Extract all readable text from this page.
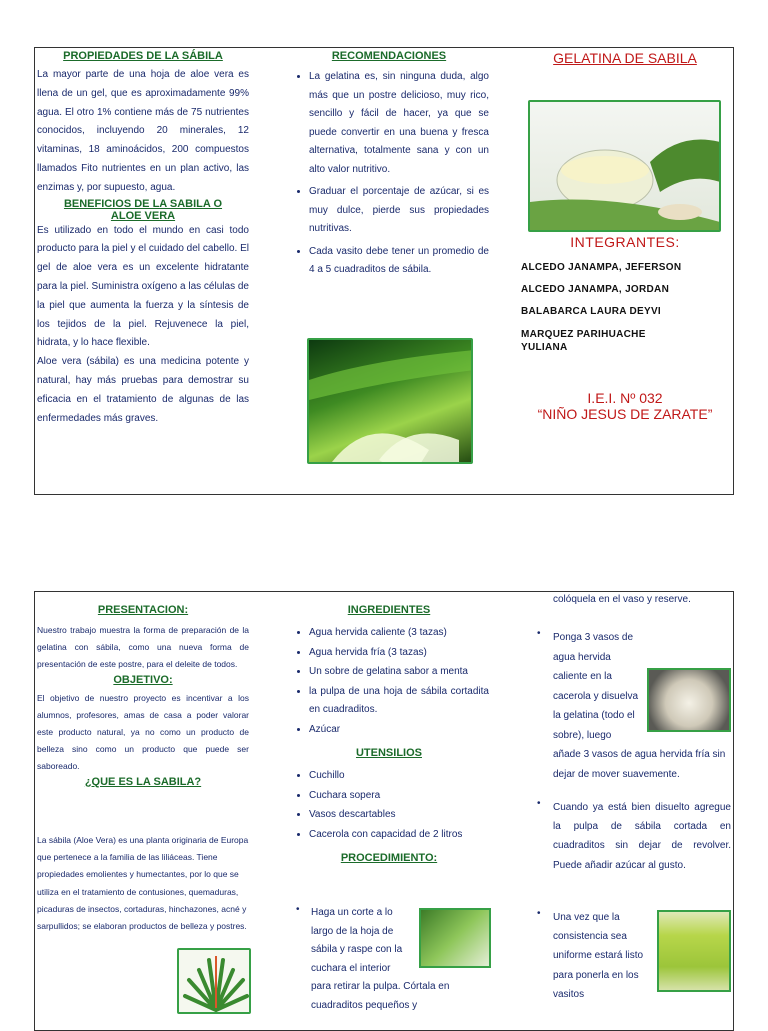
PROPIEDADES DE LA SÁBILA
La mayor parte de una hoja de aloe vera es llena de un gel, que es aproximadamente 99% agua. El otro 1% contiene más de 75 nutrientes conocidos, incluyendo 20 minerales, 12 vitaminas, 18 aminoácidos, 200 compuestos llamados Fito nutrientes en un plan activo, las enzimas y, por supuesto, agua.
BENEFICIOS DE LA SABILA O ALOE VERA
Es utilizado en todo el mundo en casi todo producto para la piel y el cuidado del cabello. El gel de aloe vera es un excelente hidratante para la piel. Suministra oxígeno a las células de la piel que aumenta la fuerza y la síntesis de los tejidos de la piel. Rejuvenece la piel, hidrata, y lo hace flexible.
Aloe vera (sábila) es una medicina potente y natural, hay más pruebas para demostrar su eficacia en el tratamiento de algunas de las enfermedades más graves.
RECOMENDACIONES
• La gelatina es, sin ninguna duda, algo más que un postre delicioso, muy rico, sencillo y fácil de hacer, ya que se puede convertir en una buena y fresca alternativa, totalmente sana y con un alto valor nutritivo.
• Graduar el porcentaje de azúcar, si es muy dulce, pierde sus propiedades nutritivas.
• Cada vasito debe tener un promedio de 4 a 5 cuadraditos de sábila.
GELATINA DE SABILA
INTEGRANTES:
ALCEDO JANAMPA, JEFERSON
ALCEDO JANAMPA, JORDAN
BALABARCA LAURA DEYVI
MARQUEZ PARIHUACHE YULIANA
I.E.I. Nº 032
“NIÑO JESUS DE ZARATE”
PRESENTACION:
Nuestro trabajo muestra la forma de preparación de la gelatina con sábila, como una nueva forma de presentación de este postre, para el deleite de todos.
OBJETIVO:
El objetivo de nuestro proyecto es incentivar a los alumnos, profesores, amas de casa a poder valorar este producto natural, ya no como un producto de belleza sino como un producto que puede ser saboreado.
¿QUE ES LA SABILA?
La sábila (Aloe Vera) es una planta originaria de Europa que pertenece a la familia de las liliáceas. Tiene propiedades emolientes y humectantes, por lo que se utiliza en el tratamiento de contusiones, quemaduras, picaduras de insectos, cortaduras, hinchazones, acné y sarpullidos; se elaboran productos de belleza y postres.
INGREDIENTES
• Agua hervida caliente (3 tazas)
• Agua hervida fría (3 tazas)
• Un sobre de gelatina sabor a menta
• la pulpa de una hoja de sábila cortadita en cuadraditos.
• Azúcar
UTENSILIOS
• Cuchillo
• Cuchara sopera
• Vasos descartables
• Cacerola con capacidad de 2 litros
PROCEDIMIENTO:
• Haga un corte a lo largo de la hoja de sábila y raspe con la cuchara el interior para retirar la pulpa. Córtala en cuadraditos pequeños y
colóquela en el vaso y reserve.
• Ponga 3 vasos de agua hervida caliente en la cacerola y disuelva la gelatina (todo el sobre), luego añade 3 vasos de agua hervida fría sin dejar de mover suavemente.
• Cuando ya está bien disuelto agregue la pulpa de sábila cortada en cuadraditos sin dejar de revolver. Puede añadir azúcar al gusto.
• Una vez que la consistencia sea uniforme estará listo para ponerla en los vasitos
